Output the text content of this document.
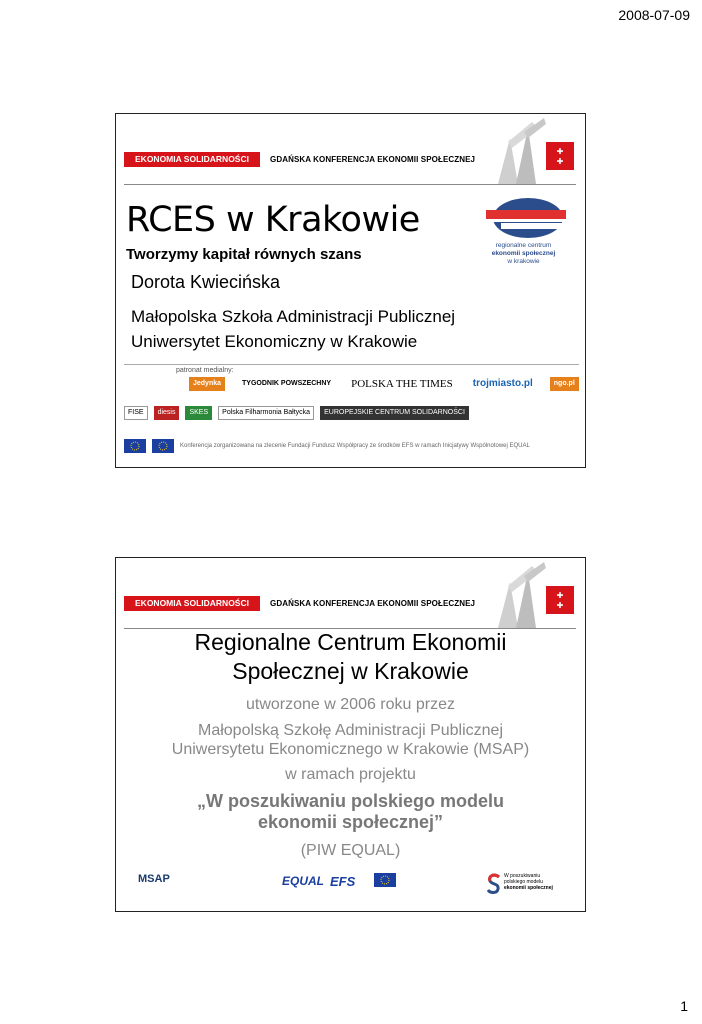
2008-07-09
✚
✚
EKONOMIA SOLIDARNOŚCI	GDAŃSKA KONFERENCJA EKONOMII SPOŁECZNEJ
RCES w Krakowie
Tworzymy kapitał równych szans
Dorota Kwiecińska
Małopolska Szkoła Administracji Publicznej
Uniwersytet Ekonomiczny w Krakowie
regionalne centrum
ekonomii społecznej
w krakowie
patronat medialny:
Jedynka	TYGODNIK POWSZECHNY POLSKA THE TIMES	trojmiasto.pl	ngo.pl
FISE	diesis	SKES	Polska Filharmonia Bałtycka	EUROPEJSKIE CENTRUM SOLIDARNOŚCI
Konferencja zorganizowana na zlecenie Fundacji Fundusz Współpracy ze środków EFS w ramach Inicjatywy Wspólnotowej EQUAL
✚
✚
EKONOMIA SOLIDARNOŚCI	GDAŃSKA KONFERENCJA EKONOMII SPOŁECZNEJ
Regionalne Centrum Ekonomii
Społecznej w Krakowie
utworzone w 2006 roku przez
Małopolską Szkołę Administracji Publicznej
Uniwersytetu Ekonomicznego w Krakowie (MSAP)
w ramach projektu
„W poszukiwaniu polskiego modelu
ekonomii społecznej”
(PIW EQUAL)
MSAP	EQUAL EFS	W poszukiwaniu
polskiego modelu
ekonomii społecznej
1
